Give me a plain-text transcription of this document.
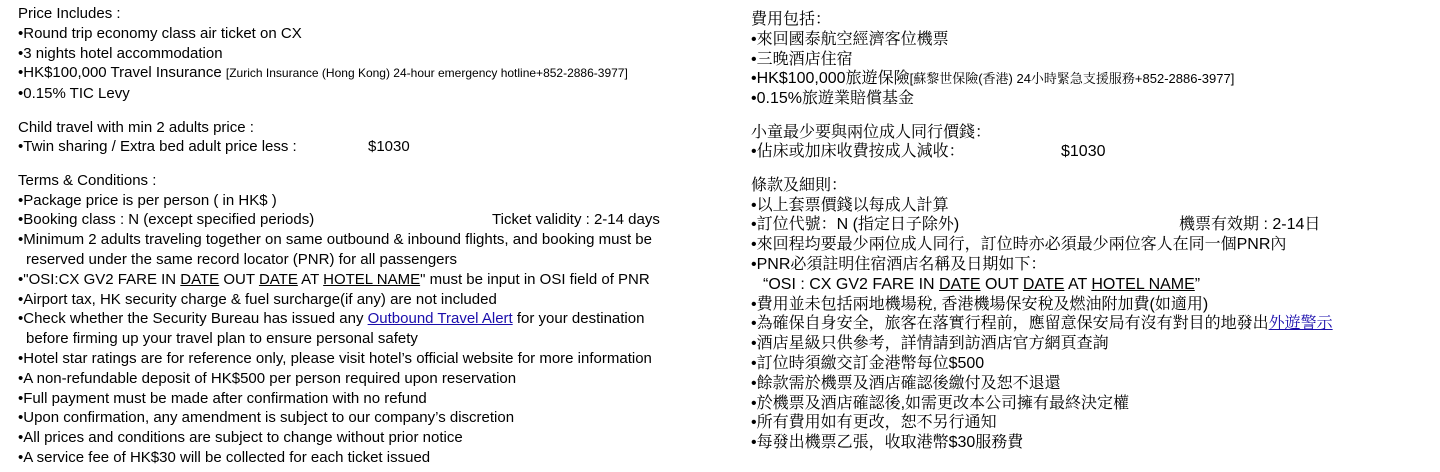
Price Includes :
•Round trip economy class air ticket on CX
•3 nights hotel accommodation
•HK$100,000 Travel Insurance [Zurich Insurance (Hong Kong) 24-hour emergency hotline+852-2886-3977]
•0.15% TIC Levy
Child travel with min 2 adults price :
•Twin sharing / Extra bed adult price less :	$1030
Terms & Conditions :
•Package price is per person ( in HK$ )
•Booking class : N (except specified periods)	Ticket validity : 2-14 days
•Minimum 2 adults traveling together on same outbound & inbound flights, and booking must be
reserved under the same record locator (PNR) for all passengers
•"OSI:CX GV2 FARE IN DATE OUT DATE AT HOTEL NAME" must be input in OSI field of PNR
•Airport tax, HK security charge & fuel surcharge(if any) are not included
•Check whether the Security Bureau has issued any Outbound Travel Alert for your destination
before firming up your travel plan to ensure personal safety
•Hotel star ratings are for reference only, please visit hotel’s official website for more information
•A non-refundable deposit of HK$500 per person required upon reservation
•Full payment must be made after confirmation with no refund
•Upon confirmation, any amendment is subject to our company’s discretion
•All prices and conditions are subject to change without prior notice
•A service fee of HK$30 will be collected for each ticket issued
費用包括：
•來回國泰航空經濟客位機票
•三晚酒店住宿
•HK$100,000旅遊保險[蘇黎世保險(香港) 24小時緊急支援服務+852-2886-3977]
•0.15%旅遊業賠償基金
小童最少要與兩位成人同行價錢：
•佔床或加床收費按成人減收：	$1030
條款及細則：
•以上套票價錢以每成人計算
•訂位代號：N (指定日子除外)	機票有效期 : 2-14日
•來回程均要最少兩位成人同行，訂位時亦必須最少兩位客人在同一個PNR內
•PNR必須註明住宿酒店名稱及日期如下：
“OSI : CX GV2 FARE IN DATE OUT DATE AT HOTEL NAME”
•費用並未包括兩地機場稅, 香港機場保安稅及燃油附加費(如適用)
•為確保自身安全，旅客在落實行程前，應留意保安局有沒有對目的地發出外遊警示
•酒店星級只供參考，詳情請到訪酒店官方網頁查詢
•訂位時須繳交訂金港幣每位$500
•餘款需於機票及酒店確認後繳付及恕不退還
•於機票及酒店確認後,如需更改本公司擁有最終決定權
•所有費用如有更改，恕不另行通知
•每發出機票乙張，收取港幣$30服務費
